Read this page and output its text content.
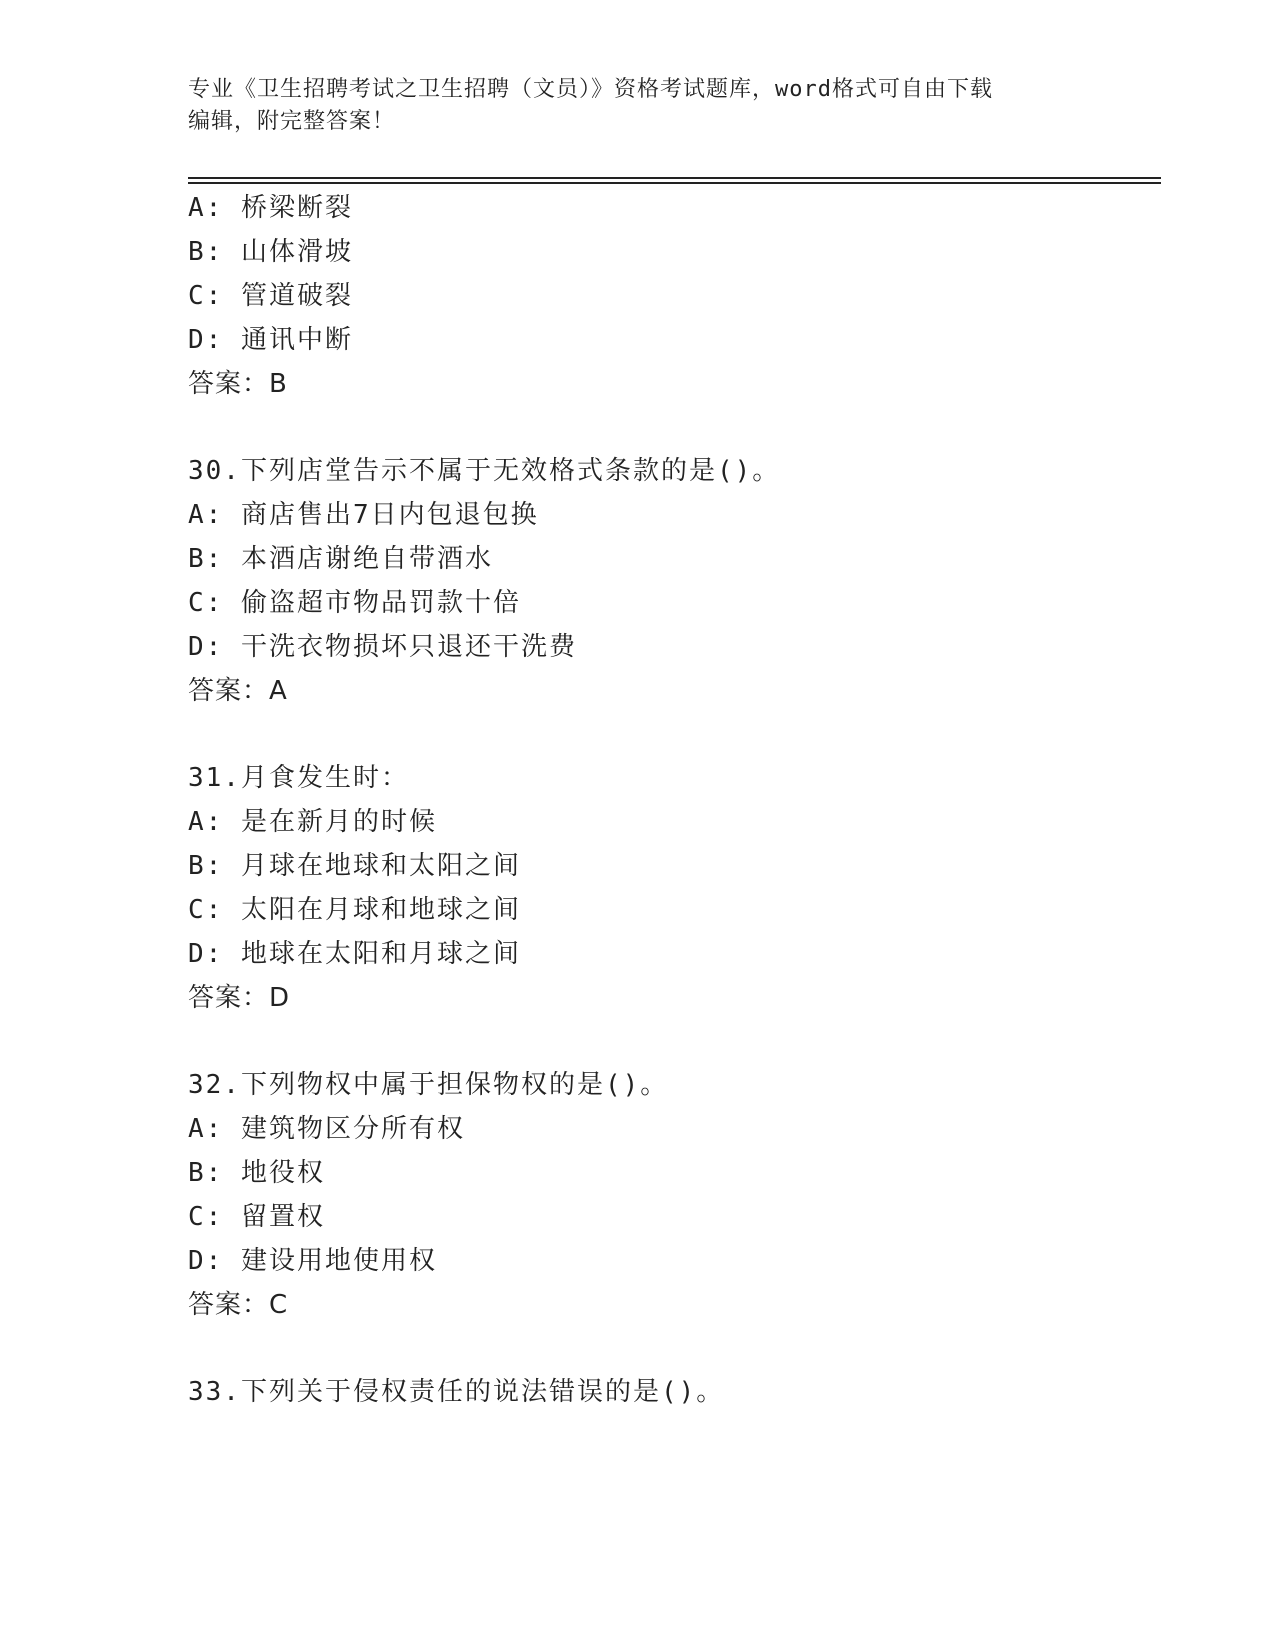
专业《卫生招聘考试之卫生招聘（文员）》资格考试题库，word格式可自由下载
编辑，附完整答案！
A: 桥梁断裂
B: 山体滑坡
C: 管道破裂
D: 通讯中断
答案：B
30.下列店堂告示不属于无效格式条款的是()。
A: 商店售出7日内包退包换
B: 本酒店谢绝自带酒水
C: 偷盗超市物品罚款十倍
D: 干洗衣物损坏只退还干洗费
答案：A
31.月食发生时：
A: 是在新月的时候
B: 月球在地球和太阳之间
C: 太阳在月球和地球之间
D: 地球在太阳和月球之间
答案：D
32.下列物权中属于担保物权的是()。
A: 建筑物区分所有权
B: 地役权
C: 留置权
D: 建设用地使用权
答案：C
33.下列关于侵权责任的说法错误的是()。
